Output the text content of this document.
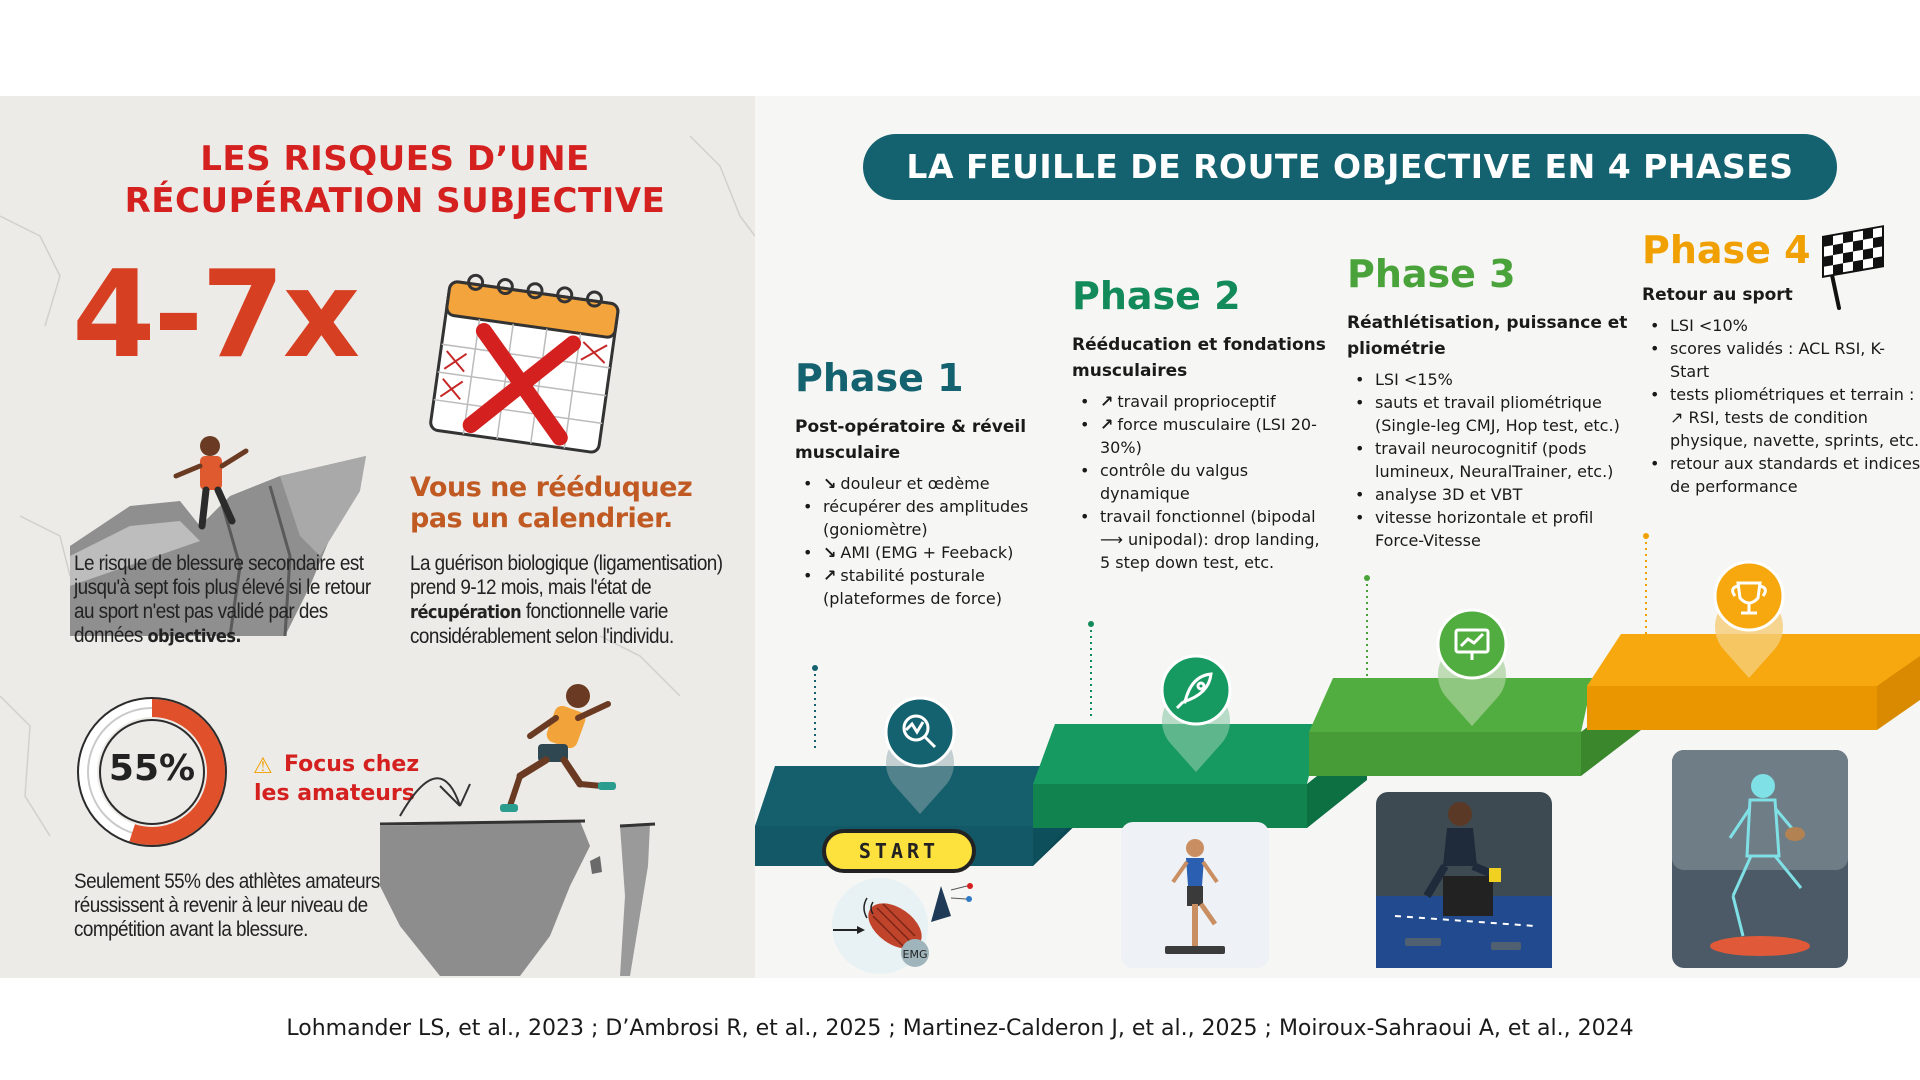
LES RISQUES D’UNE
RÉCUPÉRATION SUBJECTIVE
4-7x
Vous ne rééduquez pas un calendrier.
Le risque de blessure secondaire est jusqu'à sept fois plus élevé si le retour au sport n'est pas validé par des données objectives.
La guérison biologique (ligamentisation) prend 9-12 mois, mais l'état de récupération fonctionnelle varie considérablement selon l'individu.
55%	⚠ Focus chez les amateurs
Seulement 55% des athlètes amateurs réussissent à revenir à leur niveau de compétition avant la blessure.
LA FEUILLE DE ROUTE OBJECTIVE EN 4 PHASES
EMG
START
Phase 1
Post-opératoire & réveil musculaire
• ↘ douleur et œdème
• récupérer des amplitudes (goniomètre)
• ↘ AMI (EMG + Feeback)
• ↗ stabilité posturale (plateformes de force)
Phase 2
Rééducation et fondations musculaires
• ↗ travail proprioceptif
• ↗ force musculaire (LSI 20-30%)
• contrôle du valgus dynamique
• travail fonctionnel (bipodal ⟶ unipodal): drop landing, 5 step down test, etc.
Phase 3
Réathlétisation, puissance et pliométrie
• LSI <15%
• sauts et travail pliométrique (Single-leg CMJ, Hop test, etc.)
• travail neurocognitif (pods lumineux, NeuralTrainer, etc.)
• analyse 3D et VBT
• vitesse horizontale et profil Force-Vitesse
Phase 4
Retour au sport
• LSI <10%
• scores validés : ACL RSI, K-Start
• tests pliométriques et terrain : ↗ RSI, tests de condition physique, navette, sprints, etc.
• retour aux standards et indices de performance
Lohmander LS, et al., 2023 ; D’Ambrosi R, et al., 2025 ; Martinez-Calderon J, et al., 2025 ; Moiroux-Sahraoui A, et al., 2024
